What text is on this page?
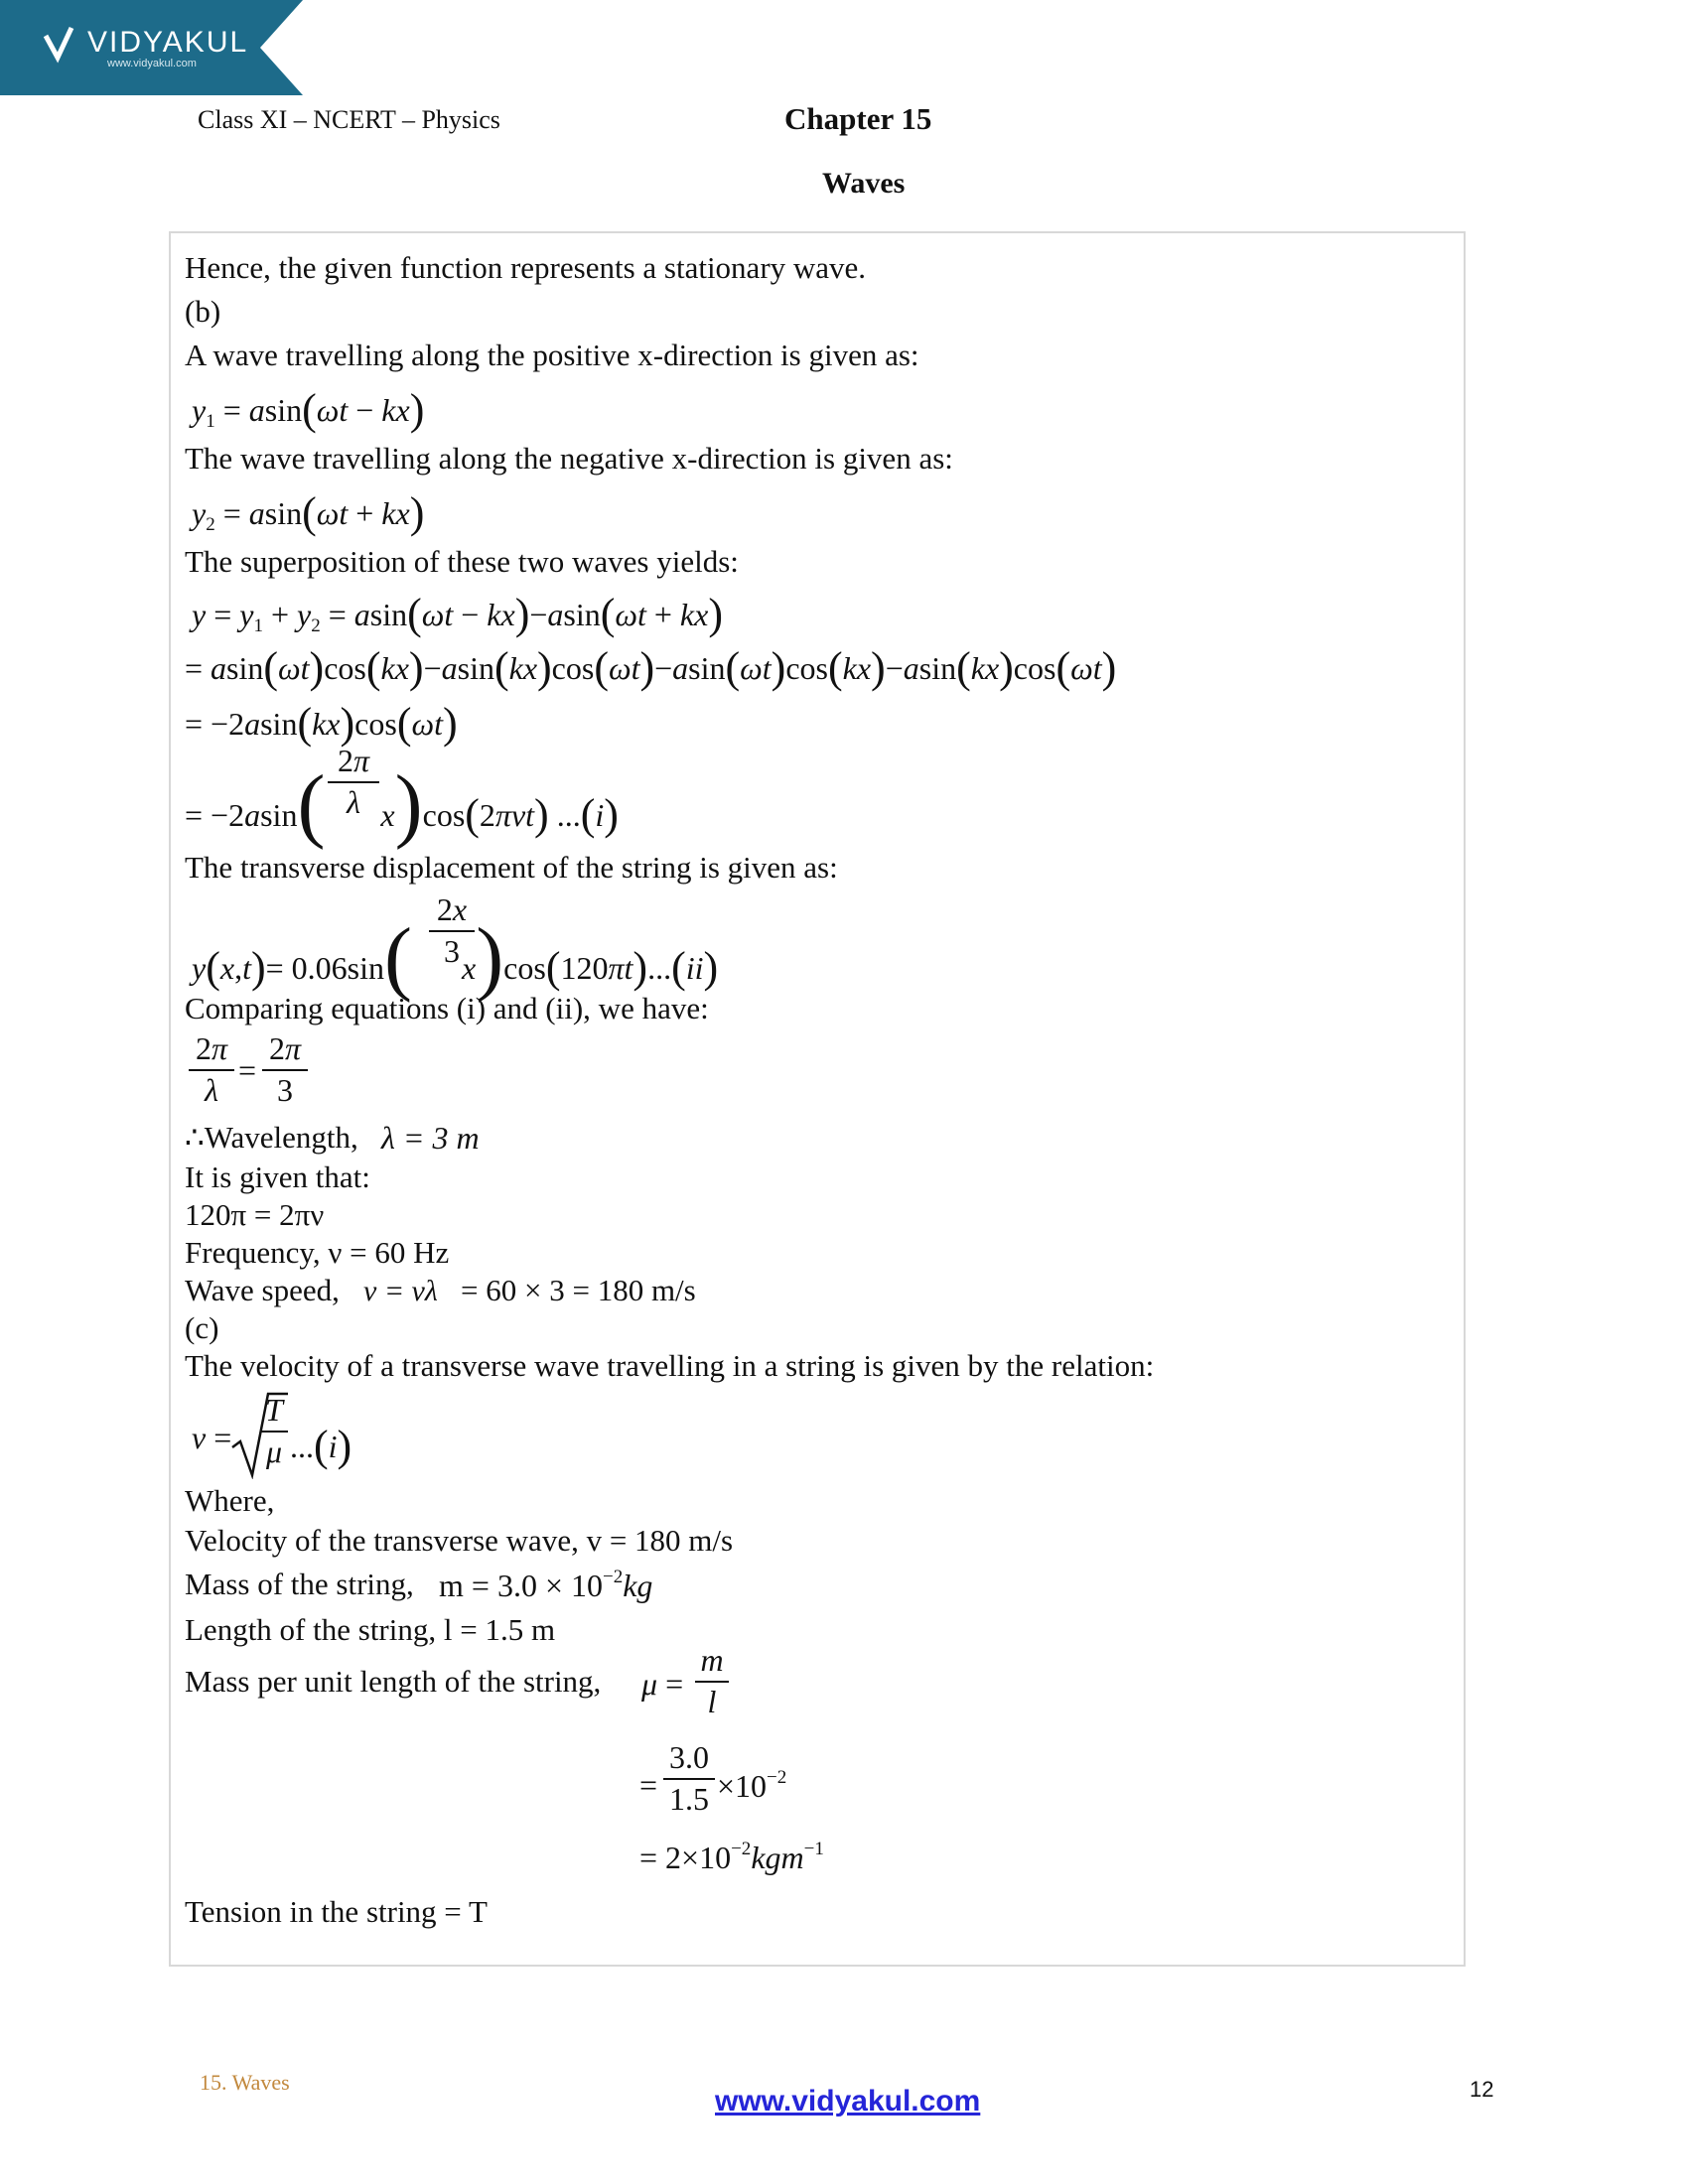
VIDYAKUL
www.vidyakul.com
Class XI – NCERT – Physics	Chapter 15
Waves
Hence, the given function represents a stationary wave.
(b)
A wave travelling along the positive x-direction is given as:
$y_1 = asin(\omega t - kx)$
The wave travelling along the negative x-direction is given as:
$y_2 = asin(\omega t + kx)$
The superposition of these two waves yields:
$y = y_1 + y_2 = asin(\omega t - kx)-asin(\omega t + kx)$
= asin(ωt)cos(kx)−asin(kx)cos(ωt)−asin(ωt)cos(kx)−asin(kx)cos(ωt)
= −2asin(kx)cos(ωt)
= −2asin( x)cos(2πνt) ...(i)
2π
λ
The transverse displacement of the string is given as:
y(x,t)= 0.06sin( x)cos(120πt)...(ii)
2x
3
Comparing equations (i) and (ii), we have:
2π
λ
=
2π
3
∴Wavelength, λ = 3 m
It is given that:
120π = 2πν
Frequency, ν = 60 Hz
Wave speed, v = νλ = 60 × 3 = 180 m/s
(c)
The velocity of a transverse wave travelling in a string is given by the relation:
v =
T
μ ...(i)
Where,
Velocity of the transverse wave, v = 180 m/s
Mass of the string, $m = 3.0 \times 10^{-2}kg$
Length of the string, l = 1.5 m
Mass per unit length of the string, μ =
m
l
=
3.0
$1.5 \times 10^{-2}$
= $2\times 10^{-2}kgm^{-1}$
Tension in the string = T
15. Waves
www.vidyakul.com	12
